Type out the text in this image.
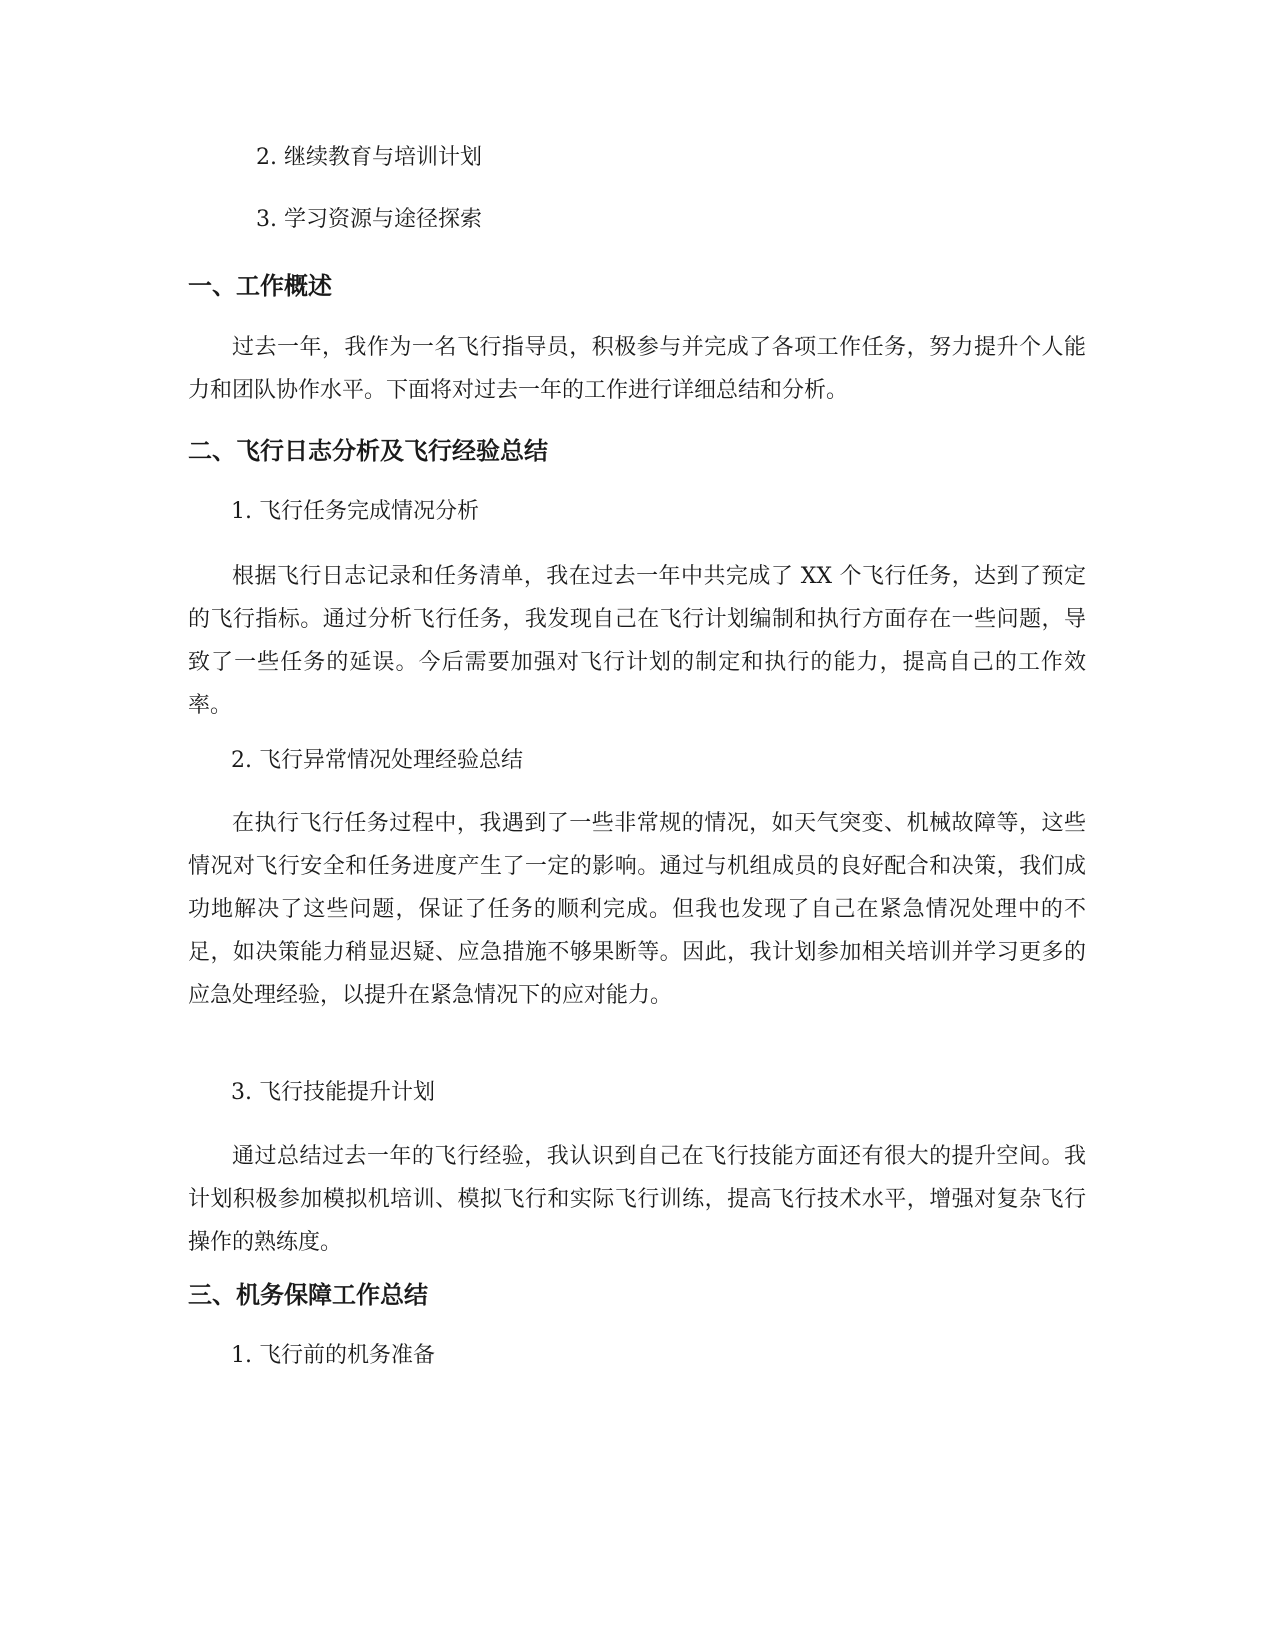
2. 继续教育与培训计划
3. 学习资源与途径探索
一、工作概述

过去一年，我作为一名飞行指导员，积极参与并完成了各项工作任务，努力提升个人能力和团队协作水平。下面将对过去一年的工作进行详细总结和分析。

二、飞行日志分析及飞行经验总结
1. 飞行任务完成情况分析

根据飞行日志记录和任务清单，我在过去一年中共完成了 XX 个飞行任务，达到了预定的飞行指标。通过分析飞行任务，我发现自己在飞行计划编制和执行方面存在一些问题，导致了一些任务的延误。今后需要加强对飞行计划的制定和执行的能力，提高自己的工作效率。

2. 飞行异常情况处理经验总结

在执行飞行任务过程中，我遇到了一些非常规的情况，如天气突变、机械故障等，这些情况对飞行安全和任务进度产生了一定的影响。通过与机组成员的良好配合和决策，我们成功地解决了这些问题，保证了任务的顺利完成。但我也发现了自己在紧急情况处理中的不足，如决策能力稍显迟疑、应急措施不够果断等。因此，我计划参加相关培训并学习更多的应急处理经验，以提升在紧急情况下的应对能力。

3. 飞行技能提升计划

通过总结过去一年的飞行经验，我认识到自己在飞行技能方面还有很大的提升空间。我计划积极参加模拟机培训、模拟飞行和实际飞行训练，提高飞行技术水平，增强对复杂飞行操作的熟练度。

三、机务保障工作总结
1. 飞行前的机务准备
